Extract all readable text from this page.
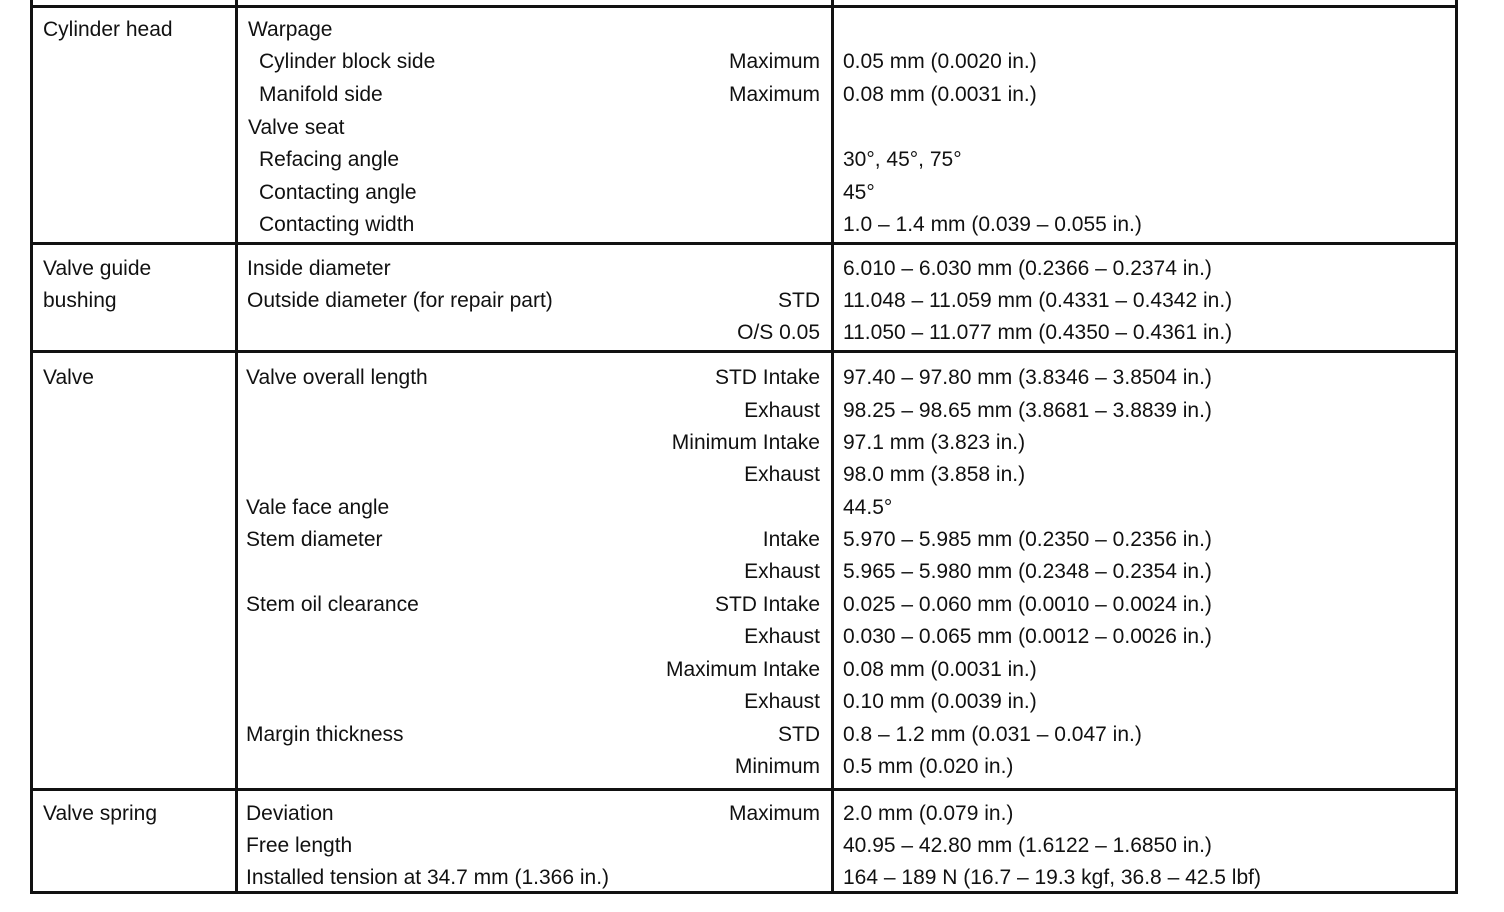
Cylinder head	Warpage
Cylinder block side	Maximum 0.05 mm (0.0020 in.)
Manifold side	Maximum 0.08 mm (0.0031 in.)
Valve seat
Refacing angle	30°, 45°, 75°
Contacting angle	45°
Contacting width	1.0 – 1.4 mm (0.039 – 0.055 in.)
Valve guide
bushing
Inside diameter	6.010 – 6.030 mm (0.2366 – 0.2374 in.)
Outside diameter (for repair part)	STD 11.048 – 11.059 mm (0.4331 – 0.4342 in.)
O/S 0.05 11.050 – 11.077 mm (0.4350 – 0.4361 in.)
Valve	Valve overall length	STD Intake 97.40 – 97.80 mm (3.8346 – 3.8504 in.)
Exhaust 98.25 – 98.65 mm (3.8681 – 3.8839 in.)
Minimum Intake 97.1 mm (3.823 in.)
Exhaust 98.0 mm (3.858 in.)
Vale face angle	44.5°
Stem diameter	Intake 5.970 – 5.985 mm (0.2350 – 0.2356 in.)
Exhaust 5.965 – 5.980 mm (0.2348 – 0.2354 in.)
Stem oil clearance	STD Intake 0.025 – 0.060 mm (0.0010 – 0.0024 in.)
Exhaust 0.030 – 0.065 mm (0.0012 – 0.0026 in.)
Maximum Intake 0.08 mm (0.0031 in.)
Exhaust 0.10 mm (0.0039 in.)
Margin thickness	STD 0.8 – 1.2 mm (0.031 – 0.047 in.)
Minimum 0.5 mm (0.020 in.)
Valve spring	Deviation	Maximum 2.0 mm (0.079 in.)
Free length	40.95 – 42.80 mm (1.6122 – 1.6850 in.)
Installed tension at 34.7 mm (1.366 in.)	164 – 189 N (16.7 – 19.3 kgf, 36.8 – 42.5 lbf)
